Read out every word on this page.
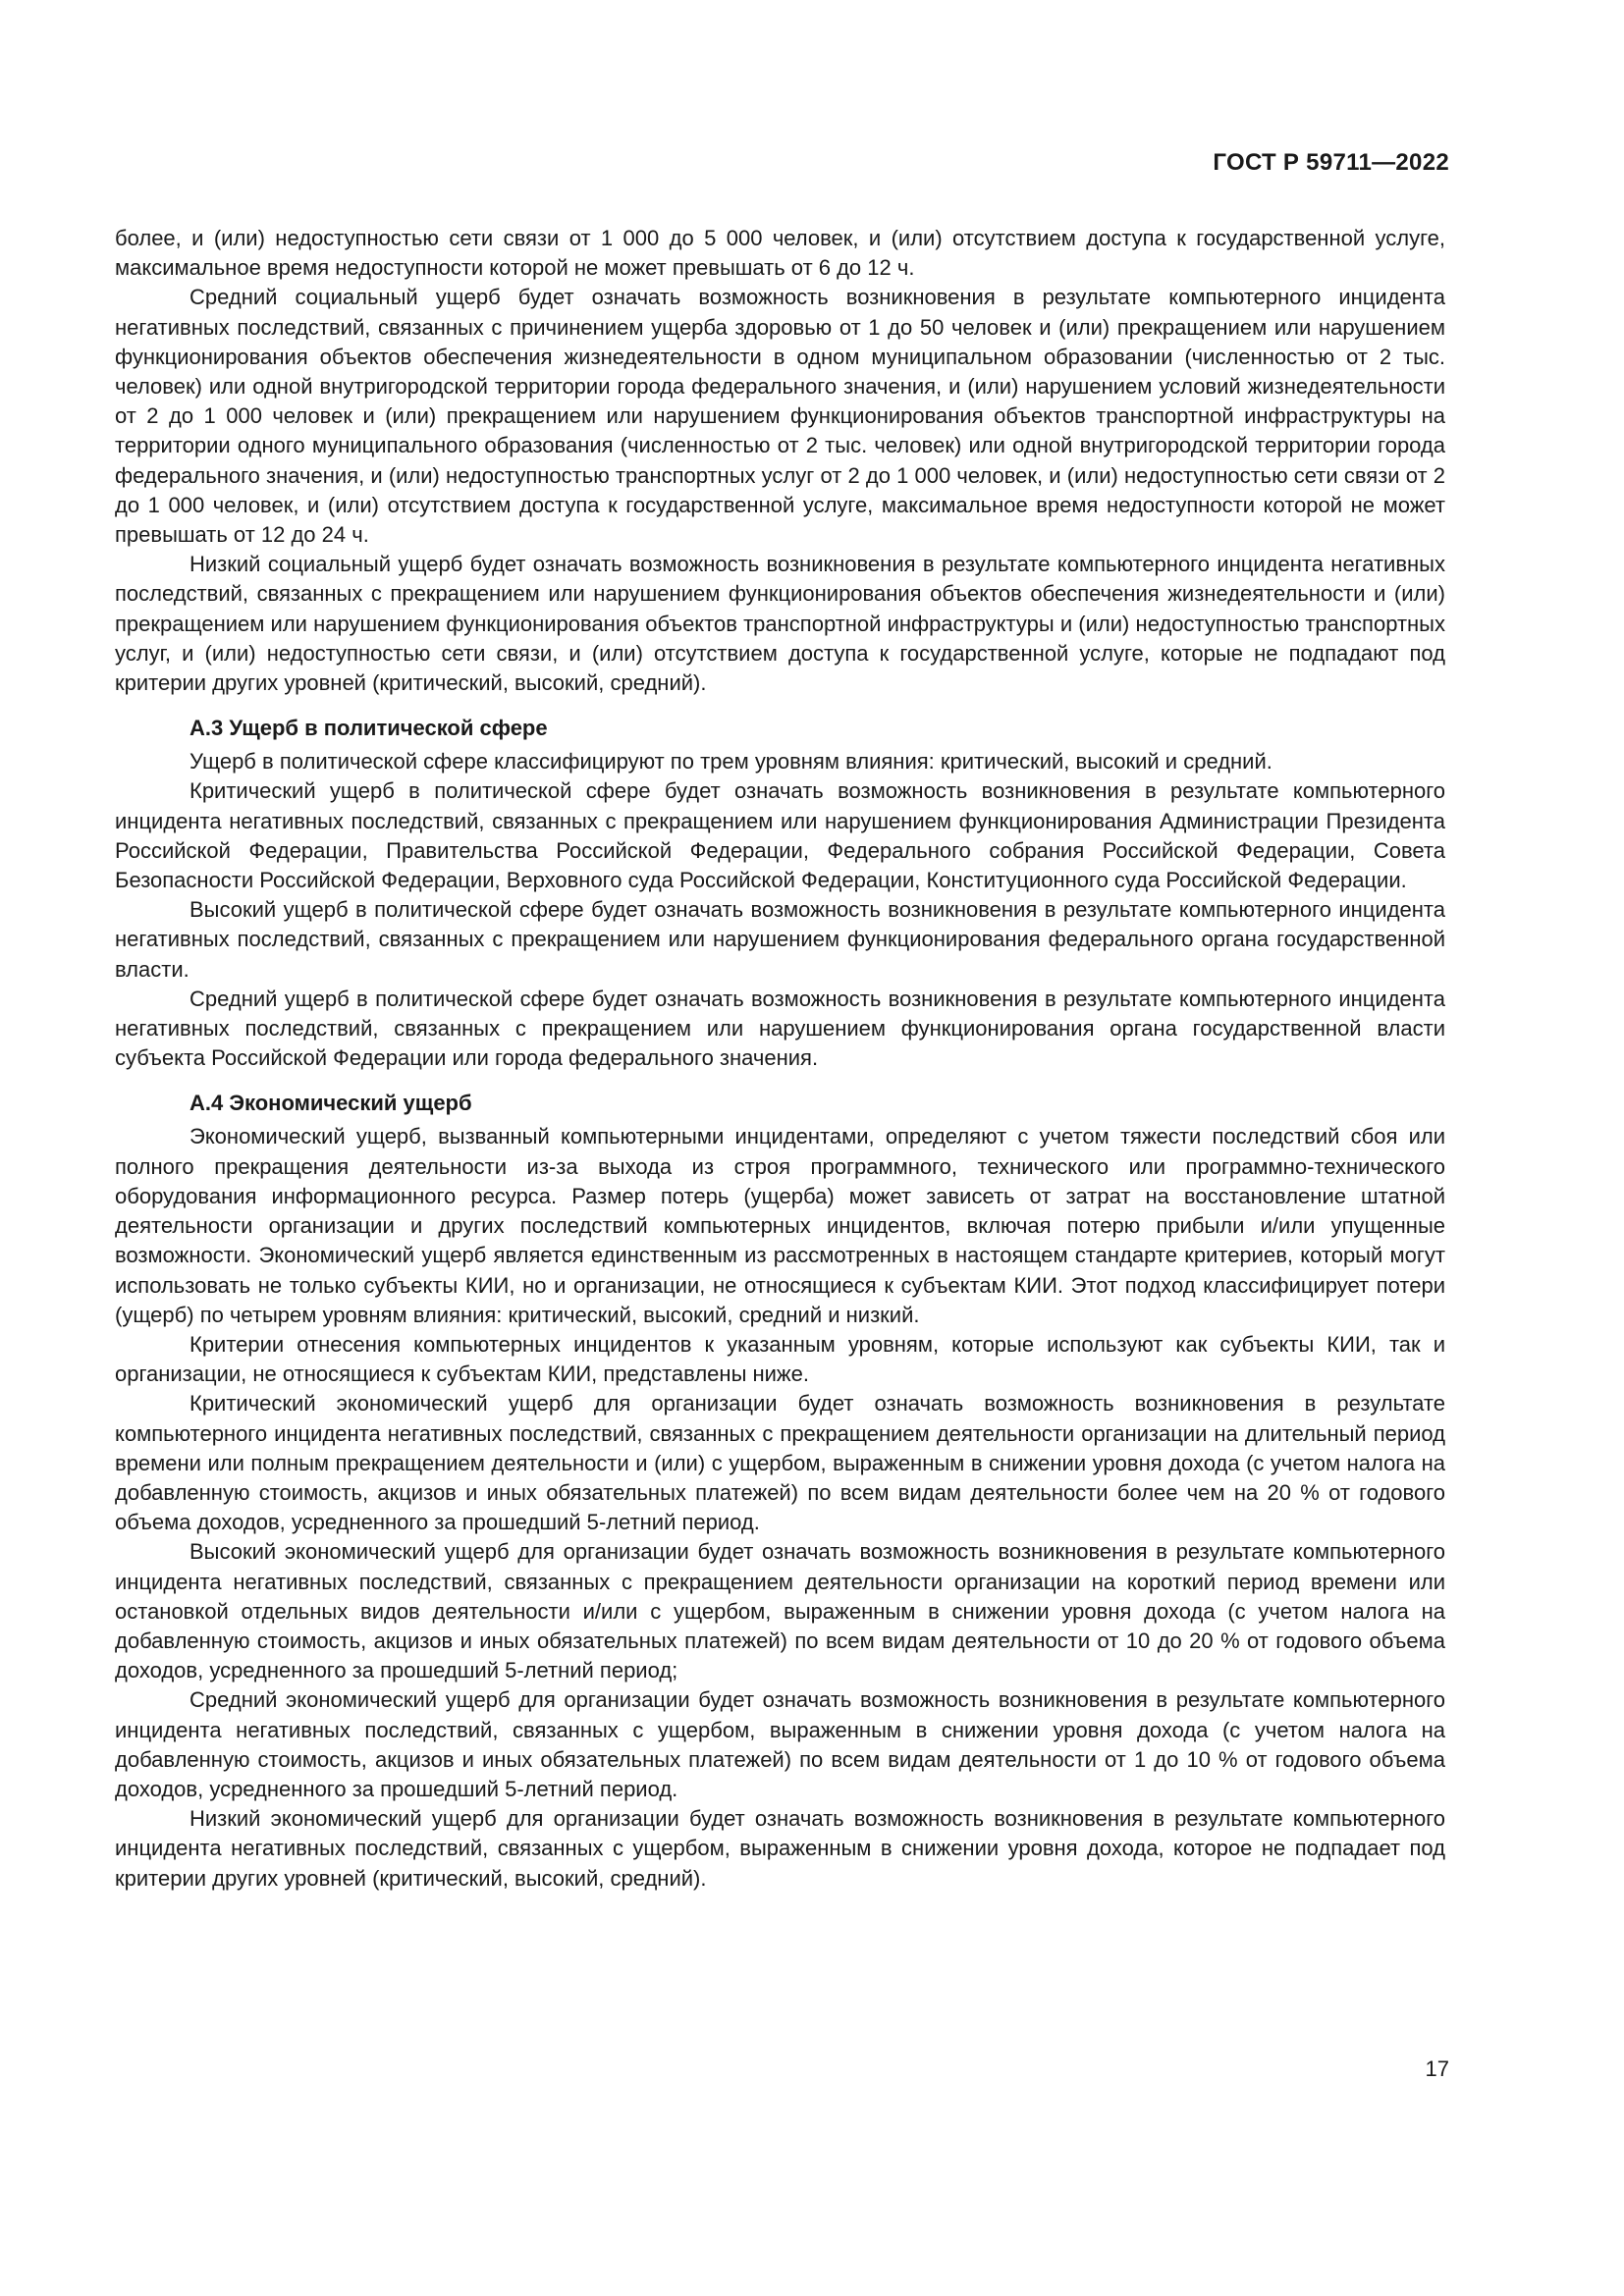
ГОСТ Р 59711—2022

более, и (или) недоступностью сети связи от 1 000 до 5 000 человек, и (или) отсутствием доступа к государственной услуге, максимальное время недоступности которой не может превышать от 6 до 12 ч.

Средний социальный ущерб будет означать возможность возникновения в результате компьютерного инцидента негативных последствий, связанных с причинением ущерба здоровью от 1 до 50 человек и (или) прекращением или нарушением функционирования объектов обеспечения жизнедеятельности в одном муниципальном образовании (численностью от 2 тыс. человек) или одной внутригородской территории города федерального значения, и (или) нарушением условий жизнедеятельности от 2 до 1 000 человек и (или) прекращением или нарушением функционирования объектов транспортной инфраструктуры на территории одного муниципального образования (численностью от 2 тыс. человек) или одной внутригородской территории города федерального значения, и (или) недоступностью транспортных услуг от 2 до 1 000 человек, и (или) недоступностью сети связи от 2 до 1 000 человек, и (или) отсутствием доступа к государственной услуге, максимальное время недоступности которой не может превышать от 12 до 24 ч.

Низкий социальный ущерб будет означать возможность возникновения в результате компьютерного инцидента негативных последствий, связанных с прекращением или нарушением функционирования объектов обеспечения жизнедеятельности и (или) прекращением или нарушением функционирования объектов транспортной инфраструктуры и (или) недоступностью транспортных услуг, и (или) недоступностью сети связи, и (или) отсутствием доступа к государственной услуге, которые не подпадают под критерии других уровней (критический, высокий, средний).

А.3 Ущерб в политической сфере

Ущерб в политической сфере классифицируют по трем уровням влияния: критический, высокий и средний.

Критический ущерб в политической сфере будет означать возможность возникновения в результате компьютерного инцидента негативных последствий, связанных с прекращением или нарушением функционирования Администрации Президента Российской Федерации, Правительства Российской Федерации, Федерального собрания Российской Федерации, Совета Безопасности Российской Федерации, Верховного суда Российской Федерации, Конституционного суда Российской Федерации.

Высокий ущерб в политической сфере будет означать возможность возникновения в результате компьютерного инцидента негативных последствий, связанных с прекращением или нарушением функционирования федерального органа государственной власти.

Средний ущерб в политической сфере будет означать возможность возникновения в результате компьютерного инцидента негативных последствий, связанных с прекращением или нарушением функционирования органа государственной власти субъекта Российской Федерации или города федерального значения.

А.4 Экономический ущерб

Экономический ущерб, вызванный компьютерными инцидентами, определяют с учетом тяжести последствий сбоя или полного прекращения деятельности из-за выхода из строя программного, технического или программно-технического оборудования информационного ресурса. Размер потерь (ущерба) может зависеть от затрат на восстановление штатной деятельности организации и других последствий компьютерных инцидентов, включая потерю прибыли и/или упущенные возможности. Экономический ущерб является единственным из рассмотренных в настоящем стандарте критериев, который могут использовать не только субъекты КИИ, но и организации, не относящиеся к субъектам КИИ. Этот подход классифицирует потери (ущерб) по четырем уровням влияния: критический, высокий, средний и низкий.

Критерии отнесения компьютерных инцидентов к указанным уровням, которые используют как субъекты КИИ, так и организации, не относящиеся к субъектам КИИ, представлены ниже.

Критический экономический ущерб для организации будет означать возможность возникновения в результате компьютерного инцидента негативных последствий, связанных с прекращением деятельности организации на длительный период времени или полным прекращением деятельности и (или) с ущербом, выраженным в снижении уровня дохода (с учетом налога на добавленную стоимость, акцизов и иных обязательных платежей) по всем видам деятельности более чем на 20 % от годового объема доходов, усредненного за прошедший 5-летний период.

Высокий экономический ущерб для организации будет означать возможность возникновения в результате компьютерного инцидента негативных последствий, связанных с прекращением деятельности организации на короткий период времени или остановкой отдельных видов деятельности и/или с ущербом, выраженным в снижении уровня дохода (с учетом налога на добавленную стоимость, акцизов и иных обязательных платежей) по всем видам деятельности от 10 до 20 % от годового объема доходов, усредненного за прошедший 5-летний период;

Средний экономический ущерб для организации будет означать возможность возникновения в результате компьютерного инцидента негативных последствий, связанных с ущербом, выраженным в снижении уровня дохода (с учетом налога на добавленную стоимость, акцизов и иных обязательных платежей) по всем видам деятельности от 1 до 10 % от годового объема доходов, усредненного за прошедший 5-летний период.

Низкий экономический ущерб для организации будет означать возможность возникновения в результате компьютерного инцидента негативных последствий, связанных с ущербом, выраженным в снижении уровня дохода, которое не подпадает под критерии других уровней (критический, высокий, средний).

17
